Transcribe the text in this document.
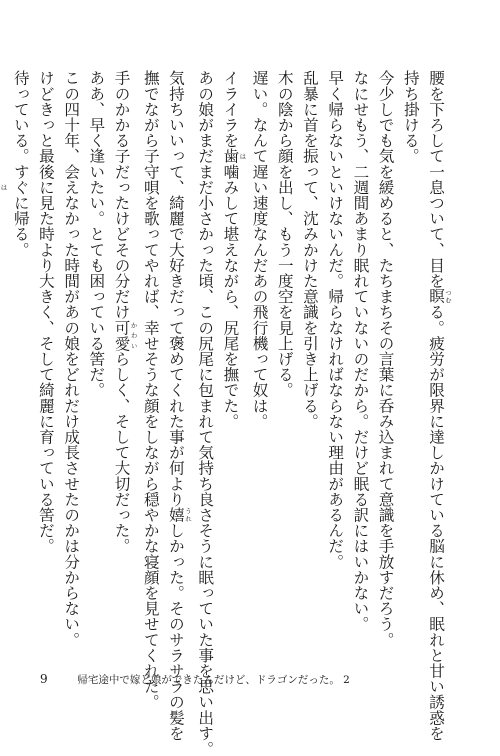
腰を下ろして一息ついて、目を瞑 つむる。疲労が限界に達しかけている脳に休め、眠れと甘い誘惑を

持ち掛ける。

今少しでも気を緩めると、たちまちその言葉に呑み込まれて意識を手放すだろう。

なにせもう、二週間あまり眠れていないのだから。だけど眠る訳にはいかない。

早く帰らないといけないんだ。帰らなければならない理由があるんだ。

乱暴に首を振って、沈みかけた意識を引き上げる。

木の陰から顔を出し、もう一度空を見上げる。

遅い。なんて遅い速度なんだあの飛行機って奴は。

イライラを歯 は噛みして堪えながら、尻尾を撫でた。

あの娘がまだまだ小さかった頃、この尻尾に包まれて気持ち良さそうに眠っていた事を思い出す。

気持ちいいって、綺麗で大好きだって褒めてくれた事が何より嬉 うれしかった。そのサラサラの髪を

撫でながら子守唄を歌ってやれば、幸せそうな顔をしながら穏やかな寝顔を見せてくれた。

手のかかる子だったけどその分だけ可愛 かわいらしく、そして大切だった。

ああ、早く逢いたい。とても困っている筈だ。

この四十年、会えなかった時間があの娘をどれだけ成長させたのかは分からない。

けどきっと最後に見た時より大きく、そして綺麗に育っている筈だ。

待っている。すぐに帰る。

は

9	帰宅途中で嫁と娘ができたんだけど、ドラゴンだった。 2
